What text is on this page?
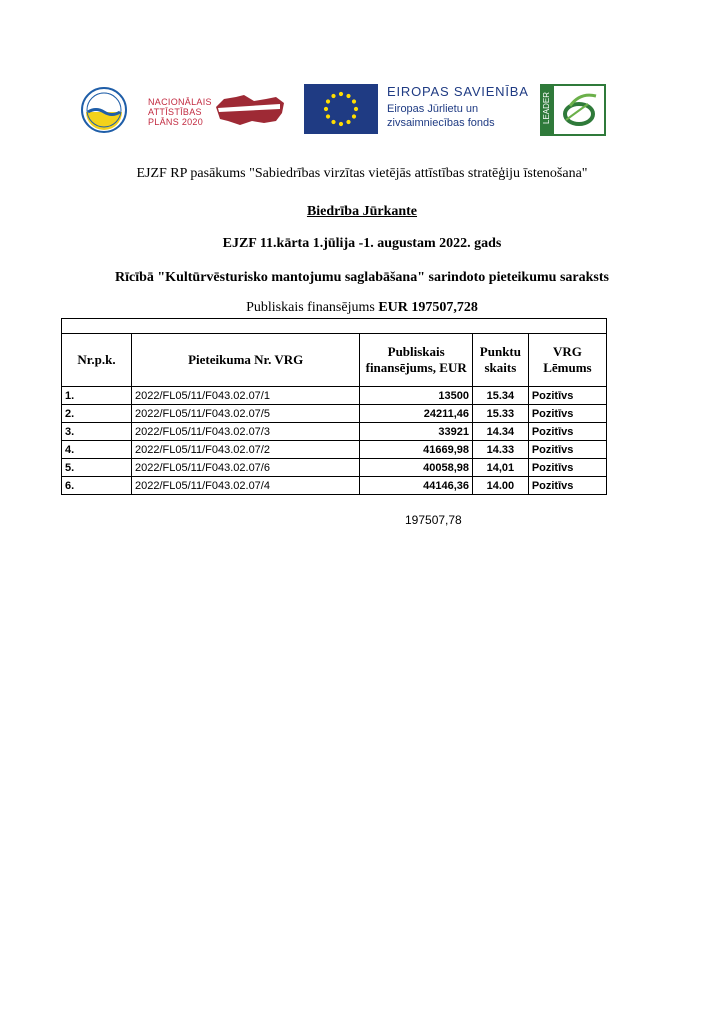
NACIONĀLAIS
ATTĪSTĪBAS
PLĀNS 2020
EIROPAS SAVIENĪBA
Eiropas Jūrlietu un
zivsaimniecības fonds	LEADER
EJZF RP pasākums "Sabiedrības virzītas vietējās attīstības stratēģiju īstenošana"
Biedrība Jūrkante
EJZF 11.kārta 1.jūlija -1. augustam 2022. gads
Rīcībā "Kultūrvēsturisko mantojumu saglabāšana" sarindoto pieteikumu saraksts
Publiskais finansējums EUR 197507,728

Nr.p.k.	Pieteikuma Nr. VRG	Publiskais finansējums, EUR	Punktu skaits	VRG Lēmums
1.	2022/FL05/11/F043.02.07/1	13500	15.34	Pozitīvs
2.	2022/FL05/11/F043.02.07/5	24211,46	15.33	Pozitīvs
3.	2022/FL05/11/F043.02.07/3	33921	14.34	Pozitīvs
4.	2022/FL05/11/F043.02.07/2	41669,98	14.33	Pozitīvs
5.	2022/FL05/11/F043.02.07/6	40058,98	14,01	Pozitīvs
6.	2022/FL05/11/F043.02.07/4	44146,36	14.00	Pozitīvs
197507,78
